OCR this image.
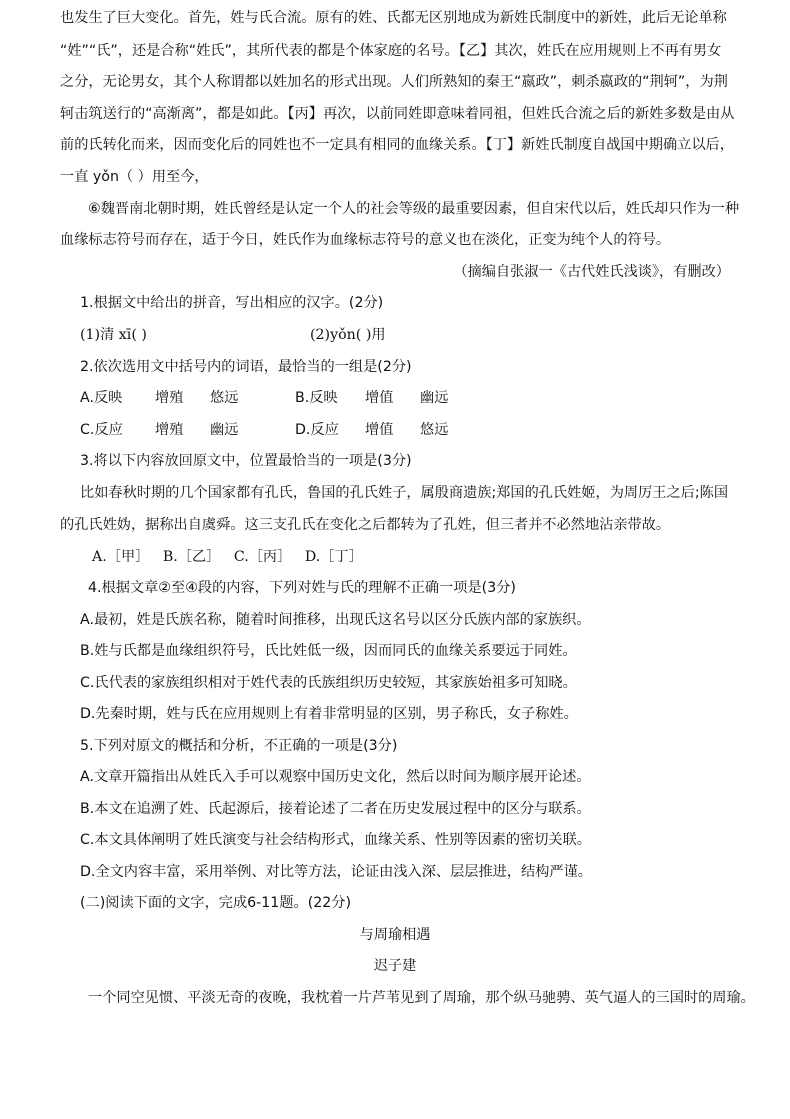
也发生了巨大变化。首先，姓与氏合流。原有的姓、氏都无区别地成为新姓氏制度中的新姓，此后无论单称
“姓”“氏”，还是合称“姓氏”，其所代表的都是个体家庭的名号。【乙】其次，姓氏在应用规则上不再有男女
之分，无论男女，其个人称谓都以姓加名的形式出现。人们所熟知的秦王“嬴政”，刺杀嬴政的“荆轲”，为荆
轲击筑送行的“高渐离”，都是如此。【丙】再次，以前同姓即意味着同祖，但姓氏合流之后的新姓多数是由从
前的氏转化而来，因而变化后的同姓也不一定具有相同的血缘关系。【丁】新姓氏制度自战国中期确立以后，
一直 yǒn（ ）用至今，
⑥魏晋南北朝时期，姓氏曾经是认定一个人的社会等级的最重要因素，但自宋代以后，姓氏却只作为一种
血缘标志符号而存在，适于今日，姓氏作为血缘标志符号的意义也在淡化，正变为纯个人的符号。
（摘编自张淑一《古代姓氏浅谈》，有删改）
1.根据文中给出的拼音，写出相应的汉字。(2分)
(1)清 xī( )	(2)yǒn( )用
2.依次选用文中括号内的词语，最恰当的一组是(2分)
A.反映 增殖 悠远	B.反映 增值 幽远
C.反应 增殖 幽远	D.反应 增值 悠远
3.将以下内容放回原文中，位置最恰当的一项是(3分)
比如春秋时期的几个国家都有孔氏，鲁国的孔氏姓子，属殷商遗族;郑国的孔氏姓姬，为周厉王之后;陈国
的孔氏姓妫，据称出自虞舜。这三支孔氏在变化之后都转为了孔姓，但三者并不必然地沾亲带故。
A.［甲］   B.［乙］   C.［丙］   D.［丁］
4.根据文章②至④段的内容，下列对姓与氏的理解不正确一项是(3分)
A.最初，姓是氏族名称，随着时间推移，出现氏这名号以区分氏族内部的家族织。
B.姓与氏都是血缘组织符号，氏比姓低一级，因而同氏的血缘关系要远于同姓。
C.氏代表的家族组织相对于姓代表的氏族组织历史较短，其家族始祖多可知晓。
D.先秦时期，姓与氏在应用规则上有着非常明显的区别，男子称氏，女子称姓。
5.下列对原文的概括和分析，不正确的一项是(3分)
A.文章开篇指出从姓氏入手可以观察中国历史文化，然后以时间为顺序展开论述。
B.本文在追溯了姓、氏起源后，接着论述了二者在历史发展过程中的区分与联系。
C.本文具体阐明了姓氏演变与社会结构形式，血缘关系、性别等因素的密切关联。
D.全文内容丰富，采用举例、对比等方法，论证由浅入深、层层推进，结构严谨。
(二)阅读下面的文字，完成6-11题。(22分)
与周瑜相遇
迟子建
一个同空见惯、平淡无奇的夜晚，我枕着一片芦苇见到了周瑜，那个纵马驰骋、英气逼人的三国时的周瑜。
